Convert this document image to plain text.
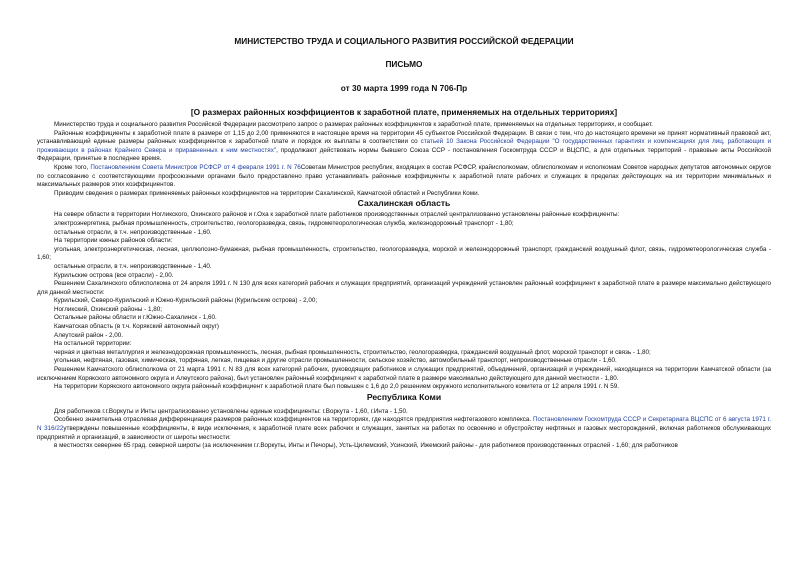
МИНИСТЕРСТВО ТРУДА И СОЦИАЛЬНОГО РАЗВИТИЯ РОССИЙСКОЙ ФЕДЕРАЦИИ
ПИСЬМО
от 30 марта 1999 года N 706-Пр
[О размерах районных коэффициентов к заработной плате, применяемых на отдельных территориях]

Министерство труда и социального развития Российской Федерации рассмотрело запрос о размерах районных коэффициентов к заработной плате, применяемых на отдельных территориях, и сообщает.

Районные коэффициенты к заработной плате в размере от 1,15 до 2,00 применяются в настоящее время на территории 45 субъектов Российской Федерации. В связи с тем, что до настоящего времени не принят нормативный правовой акт, устанавливающий единые размеры районных коэффициентов к заработной плате и порядок их выплаты в соответствии со статьей 10 Закона Российской Федерации "О государственных гарантиях и компенсациях для лиц, работающих и проживающих в районах Крайнего Севера и приравненных к ним местностях", продолжают действовать нормы бывшего Союза ССР - постановления Госкомтруда СССР и ВЦСПС, а для отдельных территорий - правовые акты Российской Федерации, принятые в последнее время.

Кроме того, Постановлением Совета Министров РСФСР от 4 февраля 1991 г. N 76Советам Министров республик, входящих в состав РСФСР, крайисполкомам, облисполкомам и исполкомам Советов народных депутатов автономных округов по согласованию с соответствующими профсоюзными органами было предоставлено право устанавливать районные коэффициенты к заработной плате рабочих и служащих в пределах действующих на их территории минимальных и максимальных размеров этих коэффициентов.

Приводим сведения о размерах применяемых районных коэффициентов на территории Сахалинской, Камчатской областей и Республики Коми.

Сахалинская область

На севере области в территории Ногликского, Охинского районов и г.Оха к заработной плате работников производственных отраслей централизованно установлены районные коэффициенты:

электроэнергетика, рыбная промышленность, строительство, геологоразведка, связь, гидрометеорологическая служба, железнодорожный транспорт - 1,80;

остальные отрасли, в т.ч. непроизводственные - 1,60.

На территории южных районов области:

угольная, электроэнергетическая, лесная, целлюлозно-бумажная, рыбная промышленность, строительство, геологоразведка, морской и железнодорожный транспорт, гражданский воздушный флот, связь, гидрометеорологическая служба - 1,60;

остальные отрасли, в т.ч. непроизводственные - 1,40.

Курильские острова (все отрасли) - 2,00.

Решением Сахалинского облисполкома от 24 апреля 1991 г. N 130 для всех категорий рабочих и служащих предприятий, организаций учреждений установлен районный коэффициент к заработной плате в размере максимально действующего для данной местности:

Курильский, Северо-Курильский и Южно-Курильский районы (Курильские острова) - 2,00;

Ногликский, Охинский районы - 1,80;

Остальные районы области и г.Южно-Сахалинск - 1,60.

Камчатская область (в т.ч. Корякский автономный округ)

Алеутский район - 2,00.

На остальной территории:

черная и цветная металлургия и железнодорожная промышленность, лесная, рыбная промышленность, строительство, геологоразведка, гражданский воздушный флот, морской транспорт и связь - 1,80;

угольная, нефтяная, газовая, химическая, торфяная, легкая, пищевая и другие отрасли промышленности, сельское хозяйство, автомобильный транспорт, непроизводственные отрасли - 1,60.

Решением Камчатского облисполкома от 21 марта 1991 г. N 83 для всех категорий рабочих, руководящих работников и служащих предприятий, объединений, организаций и учреждений, находящихся на территории Камчатской области (за исключением Корякского автономного округа и Алеутского района), был установлен районный коэффициент к заработной плате в размере максимально действующего для данной местности - 1,80.

На территории Корякского автономного округа районный коэффициент к заработной плате был повышен с 1,6 до 2,0 решением окружного исполнительного комитета от 12 апреля 1991 г. N 59.

Республика Коми

Для работников г.г.Воркуты и Инты централизованно установлены единые коэффициенты: г.Воркута - 1,60, г.Инта - 1,50.

Особенно значительна отраслевая дифференциация размеров районных коэффициентов на территориях, где находятся предприятия нефтегазового комплекса. Постановлением Госкомтруда СССР и Секретариата ВЦСПС от 6 августа 1971 г. N 316/22утверждены повышенные коэффициенты, в виде исключения, к заработной плате всех рабочих и служащих, занятых на работах по освоению и обустройству нефтяных и газовых месторождений, включая работников обслуживающих предприятий и организаций, в зависимости от широты местности:

в местностях севернее 65 град. северной широты (за исключением г.г.Воркуты, Инты и Печоры), Усть-Цилемский, Усинский, Ижемский районы - для работников производственных отраслей - 1,60; для работников
